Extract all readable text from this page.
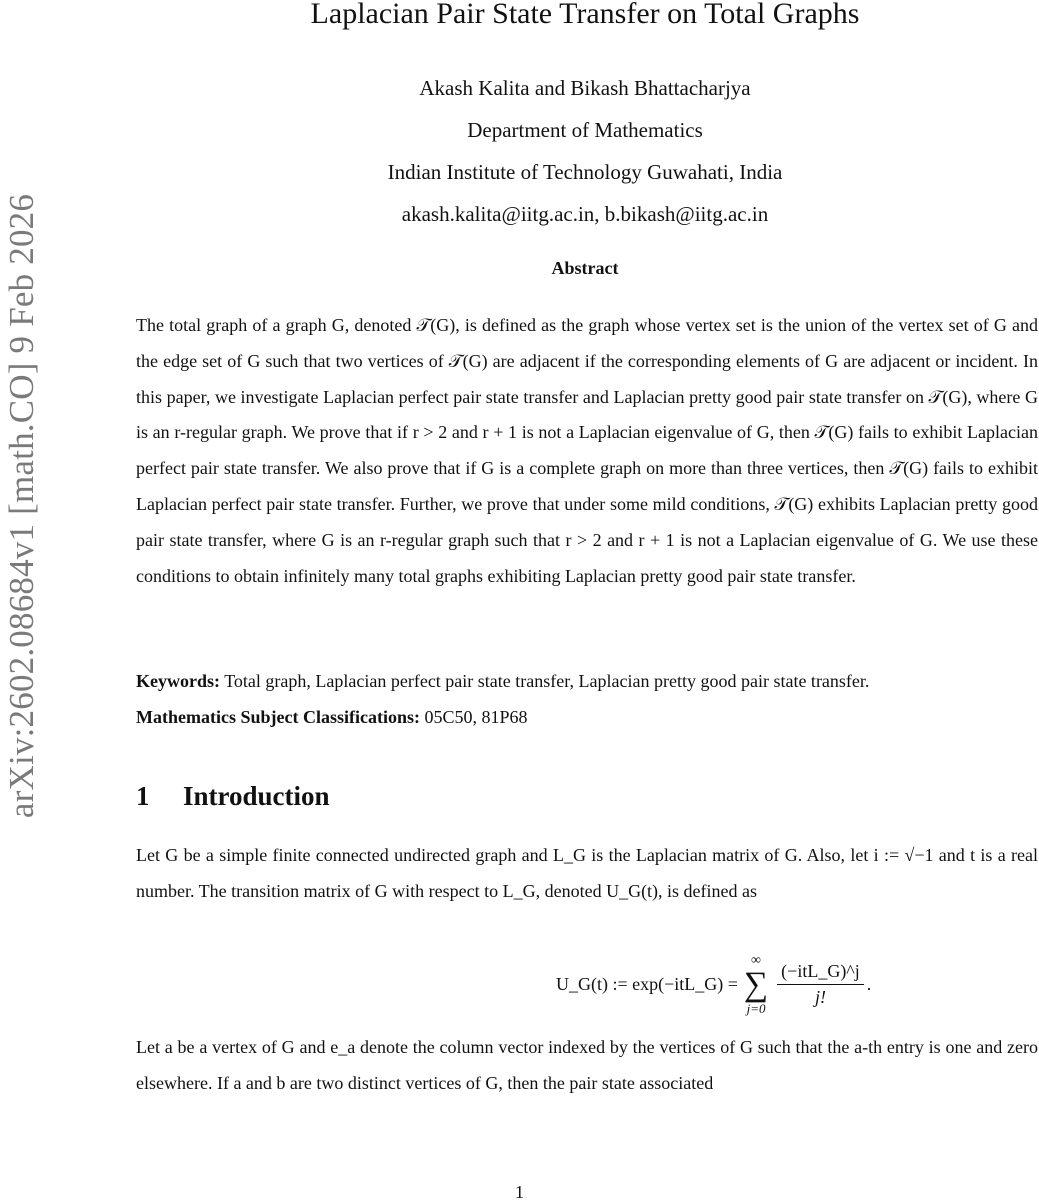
arXiv:2602.08684v1 [math.CO] 9 Feb 2026
Laplacian Pair State Transfer on Total Graphs
Akash Kalita and Bikash Bhattacharjya
Department of Mathematics
Indian Institute of Technology Guwahati, India
akash.kalita@iitg.ac.in, b.bikash@iitg.ac.in
Abstract

The total graph of a graph G, denoted 𝒯(G), is defined as the graph whose vertex set is the union of the vertex set of G and the edge set of G such that two vertices of 𝒯(G) are adjacent if the corresponding elements of G are adjacent or incident. In this paper, we investigate Laplacian perfect pair state transfer and Laplacian pretty good pair state transfer on 𝒯(G), where G is an r-regular graph. We prove that if r > 2 and r + 1 is not a Laplacian eigenvalue of G, then 𝒯(G) fails to exhibit Laplacian perfect pair state transfer. We also prove that if G is a complete graph on more than three vertices, then 𝒯(G) fails to exhibit Laplacian perfect pair state transfer. Further, we prove that under some mild conditions, 𝒯(G) exhibits Laplacian pretty good pair state transfer, where G is an r-regular graph such that r > 2 and r + 1 is not a Laplacian eigenvalue of G. We use these conditions to obtain infinitely many total graphs exhibiting Laplacian pretty good pair state transfer.

Keywords: Total graph, Laplacian perfect pair state transfer, Laplacian pretty good pair state transfer.
Mathematics Subject Classifications: 05C50, 81P68
1 Introduction

Let G be a simple finite connected undirected graph and L_G is the Laplacian matrix of G. Also, let i := √−1 and t is a real number. The transition matrix of G with respect to L_G, denoted U_G(t), is defined as

U_G(t) := exp(−itL_G) =
∞
∑
j=0
$\frac{\text{(−itL\_G)\textasciicircum{}j}}{j!}$ .

Let a be a vertex of G and e_a denote the column vector indexed by the vertices of G such that the a-th entry is one and zero elsewhere. If a and b are two distinct vertices of G, then the pair state associated

1
